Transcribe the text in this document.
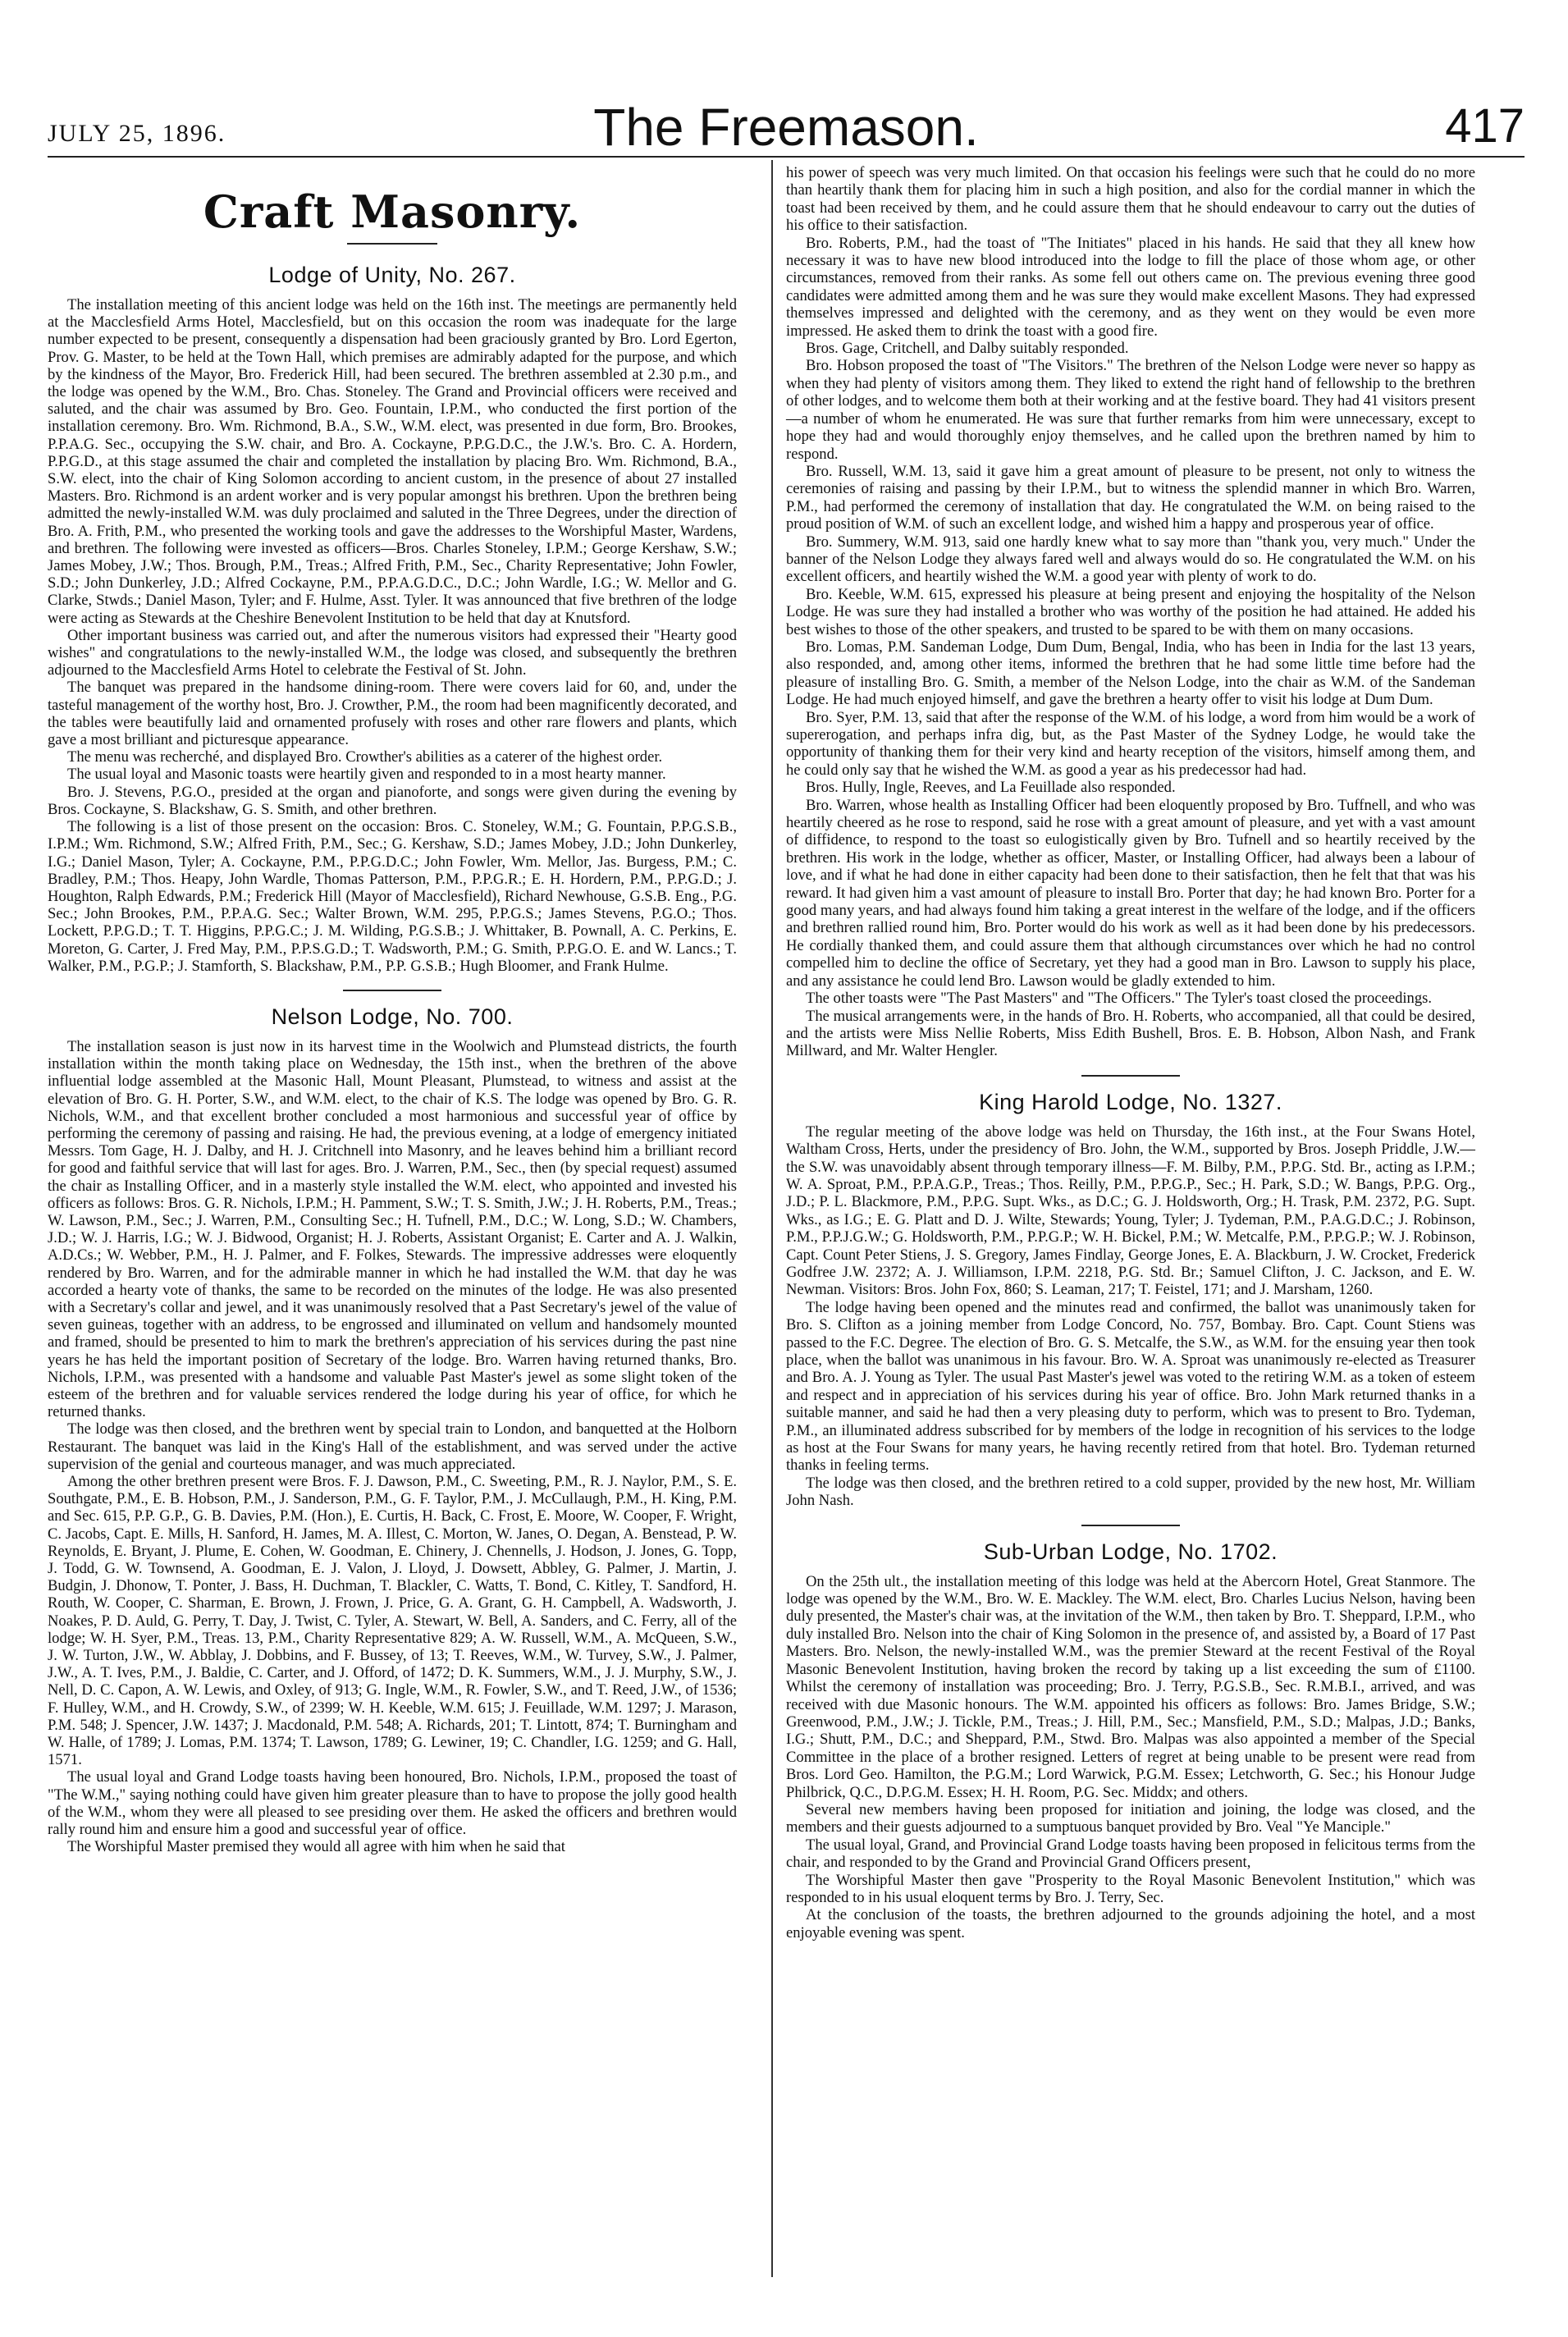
JULY 25, 1896.	The Freemason.	417
Craft Masonry.
Lodge of Unity, No. 267.

The installation meeting of this ancient lodge was held on the 16th inst. The meetings are permanently held at the Macclesfield Arms Hotel, Macclesfield, but on this occasion the room was inadequate for the large number expected to be present, consequently a dispensation had been graciously granted by Bro. Lord Egerton, Prov. G. Master, to be held at the Town Hall, which premises are admirably adapted for the purpose, and which by the kindness of the Mayor, Bro. Frederick Hill, had been secured. The brethren assembled at 2.30 p.m., and the lodge was opened by the W.M., Bro. Chas. Stoneley. The Grand and Provincial officers were received and saluted, and the chair was assumed by Bro. Geo. Fountain, I.P.M., who conducted the first portion of the installation ceremony. Bro. Wm. Richmond, B.A., S.W., W.M. elect, was presented in due form, Bro. Brookes, P.P.A.G. Sec., occupying the S.W. chair, and Bro. A. Cockayne, P.P.G.D.C., the J.W.'s. Bro. C. A. Hordern, P.P.G.D., at this stage assumed the chair and completed the installation by placing Bro. Wm. Richmond, B.A., S.W. elect, into the chair of King Solomon according to ancient custom, in the presence of about 27 installed Masters. Bro. Richmond is an ardent worker and is very popular amongst his brethren. Upon the brethren being admitted the newly-installed W.M. was duly proclaimed and saluted in the Three Degrees, under the direction of Bro. A. Frith, P.M., who presented the working tools and gave the addresses to the Worshipful Master, Wardens, and brethren. The following were invested as officers—Bros. Charles Stoneley, I.P.M.; George Kershaw, S.W.; James Mobey, J.W.; Thos. Brough, P.M., Treas.; Alfred Frith, P.M., Sec., Charity Representative; John Fowler, S.D.; John Dunkerley, J.D.; Alfred Cockayne, P.M., P.P.A.G.D.C., D.C.; John Wardle, I.G.; W. Mellor and G. Clarke, Stwds.; Daniel Mason, Tyler; and F. Hulme, Asst. Tyler. It was announced that five brethren of the lodge were acting as Stewards at the Cheshire Benevolent Institution to be held that day at Knutsford.

Other important business was carried out, and after the numerous visitors had expressed their "Hearty good wishes" and congratulations to the newly-installed W.M., the lodge was closed, and subsequently the brethren adjourned to the Macclesfield Arms Hotel to celebrate the Festival of St. John.

The banquet was prepared in the handsome dining-room. There were covers laid for 60, and, under the tasteful management of the worthy host, Bro. J. Crowther, P.M., the room had been magnificently decorated, and the tables were beautifully laid and ornamented profusely with roses and other rare flowers and plants, which gave a most brilliant and picturesque appearance.

The menu was recherché, and displayed Bro. Crowther's abilities as a caterer of the highest order.

The usual loyal and Masonic toasts were heartily given and responded to in a most hearty manner.

Bro. J. Stevens, P.G.O., presided at the organ and pianoforte, and songs were given during the evening by Bros. Cockayne, S. Blackshaw, G. S. Smith, and other brethren.

The following is a list of those present on the occasion: Bros. C. Stoneley, W.M.; G. Fountain, P.P.G.S.B., I.P.M.; Wm. Richmond, S.W.; Alfred Frith, P.M., Sec.; G. Kershaw, S.D.; James Mobey, J.D.; John Dunkerley, I.G.; Daniel Mason, Tyler; A. Cockayne, P.M., P.P.G.D.C.; John Fowler, Wm. Mellor, Jas. Burgess, P.M.; C. Bradley, P.M.; Thos. Heapy, John Wardle, Thomas Patterson, P.M., P.P.G.R.; E. H. Hordern, P.M., P.P.G.D.; J. Houghton, Ralph Edwards, P.M.; Frederick Hill (Mayor of Macclesfield), Richard Newhouse, G.S.B. Eng., P.G. Sec.; John Brookes, P.M., P.P.A.G. Sec.; Walter Brown, W.M. 295, P.P.G.S.; James Stevens, P.G.O.; Thos. Lockett, P.P.G.D.; T. T. Higgins, P.P.G.C.; J. M. Wilding, P.G.S.B.; J. Whittaker, B. Pownall, A. C. Perkins, E. Moreton, G. Carter, J. Fred May, P.M., P.P.S.G.D.; T. Wadsworth, P.M.; G. Smith, P.P.G.O. E. and W. Lancs.; T. Walker, P.M., P.G.P.; J. Stamforth, S. Blackshaw, P.M., P.P. G.S.B.; Hugh Bloomer, and Frank Hulme.

Nelson Lodge, No. 700.

The installation season is just now in its harvest time in the Woolwich and Plumstead districts, the fourth installation within the month taking place on Wednesday, the 15th inst., when the brethren of the above influential lodge assembled at the Masonic Hall, Mount Pleasant, Plumstead, to witness and assist at the elevation of Bro. G. H. Porter, S.W., and W.M. elect, to the chair of K.S. The lodge was opened by Bro. G. R. Nichols, W.M., and that excellent brother concluded a most harmonious and successful year of office by performing the ceremony of passing and raising. He had, the previous evening, at a lodge of emergency initiated Messrs. Tom Gage, H. J. Dalby, and H. J. Critchnell into Masonry, and he leaves behind him a brilliant record for good and faithful service that will last for ages. Bro. J. Warren, P.M., Sec., then (by special request) assumed the chair as Installing Officer, and in a masterly style installed the W.M. elect, who appointed and invested his officers as follows: Bros. G. R. Nichols, I.P.M.; H. Pamment, S.W.; T. S. Smith, J.W.; J. H. Roberts, P.M., Treas.; W. Lawson, P.M., Sec.; J. Warren, P.M., Consulting Sec.; H. Tufnell, P.M., D.C.; W. Long, S.D.; W. Chambers, J.D.; W. J. Harris, I.G.; W. J. Bidwood, Organist; H. J. Roberts, Assistant Organist; E. Carter and A. J. Walkin, A.D.Cs.; W. Webber, P.M., H. J. Palmer, and F. Folkes, Stewards. The impressive addresses were eloquently rendered by Bro. Warren, and for the admirable manner in which he had installed the W.M. that day he was accorded a hearty vote of thanks, the same to be recorded on the minutes of the lodge. He was also presented with a Secretary's collar and jewel, and it was unanimously resolved that a Past Secretary's jewel of the value of seven guineas, together with an address, to be engrossed and illuminated on vellum and handsomely mounted and framed, should be presented to him to mark the brethren's appreciation of his services during the past nine years he has held the important position of Secretary of the lodge. Bro. Warren having returned thanks, Bro. Nichols, I.P.M., was presented with a handsome and valuable Past Master's jewel as some slight token of the esteem of the brethren and for valuable services rendered the lodge during his year of office, for which he returned thanks.

The lodge was then closed, and the brethren went by special train to London, and banquetted at the Holborn Restaurant. The banquet was laid in the King's Hall of the establishment, and was served under the active supervision of the genial and courteous manager, and was much appreciated.

Among the other brethren present were Bros. F. J. Dawson, P.M., C. Sweeting, P.M., R. J. Naylor, P.M., S. E. Southgate, P.M., E. B. Hobson, P.M., J. Sanderson, P.M., G. F. Taylor, P.M., J. McCullaugh, P.M., H. King, P.M. and Sec. 615, P.P. G.P., G. B. Davies, P.M. (Hon.), E. Curtis, H. Back, C. Frost, E. Moore, W. Cooper, F. Wright, C. Jacobs, Capt. E. Mills, H. Sanford, H. James, M. A. Illest, C. Morton, W. Janes, O. Degan, A. Benstead, P. W. Reynolds, E. Bryant, J. Plume, E. Cohen, W. Goodman, E. Chinery, J. Chennells, J. Hodson, J. Jones, G. Topp, J. Todd, G. W. Townsend, A. Goodman, E. J. Valon, J. Lloyd, J. Dowsett, Abbley, G. Palmer, J. Martin, J. Budgin, J. Dhonow, T. Ponter, J. Bass, H. Duchman, T. Blackler, C. Watts, T. Bond, C. Kitley, T. Sandford, H. Routh, W. Cooper, C. Sharman, E. Brown, J. Frown, J. Price, G. A. Grant, G. H. Campbell, A. Wadsworth, J. Noakes, P. D. Auld, G. Perry, T. Day, J. Twist, C. Tyler, A. Stewart, W. Bell, A. Sanders, and C. Ferry, all of the lodge; W. H. Syer, P.M., Treas. 13, P.M., Charity Representative 829; A. W. Russell, W.M., A. McQueen, S.W., J. W. Turton, J.W., W. Abblay, J. Dobbins, and F. Bussey, of 13; T. Reeves, W.M., W. Turvey, S.W., J. Palmer, J.W., A. T. Ives, P.M., J. Baldie, C. Carter, and J. Offord, of 1472; D. K. Summers, W.M., J. J. Murphy, S.W., J. Nell, D. C. Capon, A. W. Lewis, and Oxley, of 913; G. Ingle, W.M., R. Fowler, S.W., and T. Reed, J.W., of 1536; F. Hulley, W.M., and H. Crowdy, S.W., of 2399; W. H. Keeble, W.M. 615; J. Feuillade, W.M. 1297; J. Marason, P.M. 548; J. Spencer, J.W. 1437; J. Macdonald, P.M. 548; A. Richards, 201; T. Lintott, 874; T. Burningham and W. Halle, of 1789; J. Lomas, P.M. 1374; T. Lawson, 1789; G. Lewiner, 19; C. Chandler, I.G. 1259; and G. Hall, 1571.

The usual loyal and Grand Lodge toasts having been honoured, Bro. Nichols, I.P.M., proposed the toast of "The W.M.," saying nothing could have given him greater pleasure than to have to propose the jolly good health of the W.M., whom they were all pleased to see presiding over them. He asked the officers and brethren would rally round him and ensure him a good and successful year of office.

The Worshipful Master premised they would all agree with him when he said that

his power of speech was very much limited. On that occasion his feelings were such that he could do no more than heartily thank them for placing him in such a high position, and also for the cordial manner in which the toast had been received by them, and he could assure them that he should endeavour to carry out the duties of his office to their satisfaction.

Bro. Roberts, P.M., had the toast of "The Initiates" placed in his hands. He said that they all knew how necessary it was to have new blood introduced into the lodge to fill the place of those whom age, or other circumstances, removed from their ranks. As some fell out others came on. The previous evening three good candidates were admitted among them and he was sure they would make excellent Masons. They had expressed themselves impressed and delighted with the ceremony, and as they went on they would be even more impressed. He asked them to drink the toast with a good fire.

Bros. Gage, Critchell, and Dalby suitably responded.

Bro. Hobson proposed the toast of "The Visitors." The brethren of the Nelson Lodge were never so happy as when they had plenty of visitors among them. They liked to extend the right hand of fellowship to the brethren of other lodges, and to welcome them both at their working and at the festive board. They had 41 visitors present—a number of whom he enumerated. He was sure that further remarks from him were unnecessary, except to hope they had and would thoroughly enjoy themselves, and he called upon the brethren named by him to respond.

Bro. Russell, W.M. 13, said it gave him a great amount of pleasure to be present, not only to witness the ceremonies of raising and passing by their I.P.M., but to witness the splendid manner in which Bro. Warren, P.M., had performed the ceremony of installation that day. He congratulated the W.M. on being raised to the proud position of W.M. of such an excellent lodge, and wished him a happy and prosperous year of office.

Bro. Summery, W.M. 913, said one hardly knew what to say more than "thank you, very much." Under the banner of the Nelson Lodge they always fared well and always would do so. He congratulated the W.M. on his excellent officers, and heartily wished the W.M. a good year with plenty of work to do.

Bro. Keeble, W.M. 615, expressed his pleasure at being present and enjoying the hospitality of the Nelson Lodge. He was sure they had installed a brother who was worthy of the position he had attained. He added his best wishes to those of the other speakers, and trusted to be spared to be with them on many occasions.

Bro. Lomas, P.M. Sandeman Lodge, Dum Dum, Bengal, India, who has been in India for the last 13 years, also responded, and, among other items, informed the brethren that he had some little time before had the pleasure of installing Bro. G. Smith, a member of the Nelson Lodge, into the chair as W.M. of the Sandeman Lodge. He had much enjoyed himself, and gave the brethren a hearty offer to visit his lodge at Dum Dum.

Bro. Syer, P.M. 13, said that after the response of the W.M. of his lodge, a word from him would be a work of supererogation, and perhaps infra dig, but, as the Past Master of the Sydney Lodge, he would take the opportunity of thanking them for their very kind and hearty reception of the visitors, himself among them, and he could only say that he wished the W.M. as good a year as his predecessor had had.

Bros. Hully, Ingle, Reeves, and La Feuillade also responded.

Bro. Warren, whose health as Installing Officer had been eloquently proposed by Bro. Tuffnell, and who was heartily cheered as he rose to respond, said he rose with a great amount of pleasure, and yet with a vast amount of diffidence, to respond to the toast so eulogistically given by Bro. Tufnell and so heartily received by the brethren. His work in the lodge, whether as officer, Master, or Installing Officer, had always been a labour of love, and if what he had done in either capacity had been done to their satisfaction, then he felt that that was his reward. It had given him a vast amount of pleasure to install Bro. Porter that day; he had known Bro. Porter for a good many years, and had always found him taking a great interest in the welfare of the lodge, and if the officers and brethren rallied round him, Bro. Porter would do his work as well as it had been done by his predecessors. He cordially thanked them, and could assure them that although circumstances over which he had no control compelled him to decline the office of Secretary, yet they had a good man in Bro. Lawson to supply his place, and any assistance he could lend Bro. Lawson would be gladly extended to him.

The other toasts were "The Past Masters" and "The Officers." The Tyler's toast closed the proceedings.

The musical arrangements were, in the hands of Bro. H. Roberts, who accompanied, all that could be desired, and the artists were Miss Nellie Roberts, Miss Edith Bushell, Bros. E. B. Hobson, Albon Nash, and Frank Millward, and Mr. Walter Hengler.

King Harold Lodge, No. 1327.

The regular meeting of the above lodge was held on Thursday, the 16th inst., at the Four Swans Hotel, Waltham Cross, Herts, under the presidency of Bro. John, the W.M., supported by Bros. Joseph Priddle, J.W.—the S.W. was unavoidably absent through temporary illness—F. M. Bilby, P.M., P.P.G. Std. Br., acting as I.P.M.; W. A. Sproat, P.M., P.P.A.G.P., Treas.; Thos. Reilly, P.M., P.P.G.P., Sec.; H. Park, S.D.; W. Bangs, P.P.G. Org., J.D.; P. L. Blackmore, P.M., P.P.G. Supt. Wks., as D.C.; G. J. Holdsworth, Org.; H. Trask, P.M. 2372, P.G. Supt. Wks., as I.G.; E. G. Platt and D. J. Wilte, Stewards; Young, Tyler; J. Tydeman, P.M., P.A.G.D.C.; J. Robinson, P.M., P.P.J.G.W.; G. Holdsworth, P.M., P.P.G.P.; W. H. Bickel, P.M.; W. Metcalfe, P.M., P.P.G.P.; W. J. Robinson, Capt. Count Peter Stiens, J. S. Gregory, James Findlay, George Jones, E. A. Blackburn, J. W. Crocket, Frederick Godfree J.W. 2372; A. J. Williamson, I.P.M. 2218, P.G. Std. Br.; Samuel Clifton, J. C. Jackson, and E. W. Newman. Visitors: Bros. John Fox, 860; S. Leaman, 217; T. Feistel, 171; and J. Marsham, 1260.

The lodge having been opened and the minutes read and confirmed, the ballot was unanimously taken for Bro. S. Clifton as a joining member from Lodge Concord, No. 757, Bombay. Bro. Capt. Count Stiens was passed to the F.C. Degree. The election of Bro. G. S. Metcalfe, the S.W., as W.M. for the ensuing year then took place, when the ballot was unanimous in his favour. Bro. W. A. Sproat was unanimously re-elected as Treasurer and Bro. A. J. Young as Tyler. The usual Past Master's jewel was voted to the retiring W.M. as a token of esteem and respect and in appreciation of his services during his year of office. Bro. John Mark returned thanks in a suitable manner, and said he had then a very pleasing duty to perform, which was to present to Bro. Tydeman, P.M., an illuminated address subscribed for by members of the lodge in recognition of his services to the lodge as host at the Four Swans for many years, he having recently retired from that hotel. Bro. Tydeman returned thanks in feeling terms.

The lodge was then closed, and the brethren retired to a cold supper, provided by the new host, Mr. William John Nash.

Sub-Urban Lodge, No. 1702.

On the 25th ult., the installation meeting of this lodge was held at the Abercorn Hotel, Great Stanmore. The lodge was opened by the W.M., Bro. W. E. Mackley. The W.M. elect, Bro. Charles Lucius Nelson, having been duly presented, the Master's chair was, at the invitation of the W.M., then taken by Bro. T. Sheppard, I.P.M., who duly installed Bro. Nelson into the chair of King Solomon in the presence of, and assisted by, a Board of 17 Past Masters. Bro. Nelson, the newly-installed W.M., was the premier Steward at the recent Festival of the Royal Masonic Benevolent Institution, having broken the record by taking up a list exceeding the sum of £1100. Whilst the ceremony of installation was proceeding; Bro. J. Terry, P.G.S.B., Sec. R.M.B.I., arrived, and was received with due Masonic honours. The W.M. appointed his officers as follows: Bro. James Bridge, S.W.; Greenwood, P.M., J.W.; J. Tickle, P.M., Treas.; J. Hill, P.M., Sec.; Mansfield, P.M., S.D.; Malpas, J.D.; Banks, I.G.; Shutt, P.M., D.C.; and Sheppard, P.M., Stwd. Bro. Malpas was also appointed a member of the Special Committee in the place of a brother resigned. Letters of regret at being unable to be present were read from Bros. Lord Geo. Hamilton, the P.G.M.; Lord Warwick, P.G.M. Essex; Letchworth, G. Sec.; his Honour Judge Philbrick, Q.C., D.P.G.M. Essex; H. H. Room, P.G. Sec. Middx; and others.

Several new members having been proposed for initiation and joining, the lodge was closed, and the members and their guests adjourned to a sumptuous banquet provided by Bro. Veal "Ye Manciple."

The usual loyal, Grand, and Provincial Grand Lodge toasts having been proposed in felicitous terms from the chair, and responded to by the Grand and Provincial Grand Officers present,

The Worshipful Master then gave "Prosperity to the Royal Masonic Benevolent Institution," which was responded to in his usual eloquent terms by Bro. J. Terry, Sec.

At the conclusion of the toasts, the brethren adjourned to the grounds adjoining the hotel, and a most enjoyable evening was spent.
